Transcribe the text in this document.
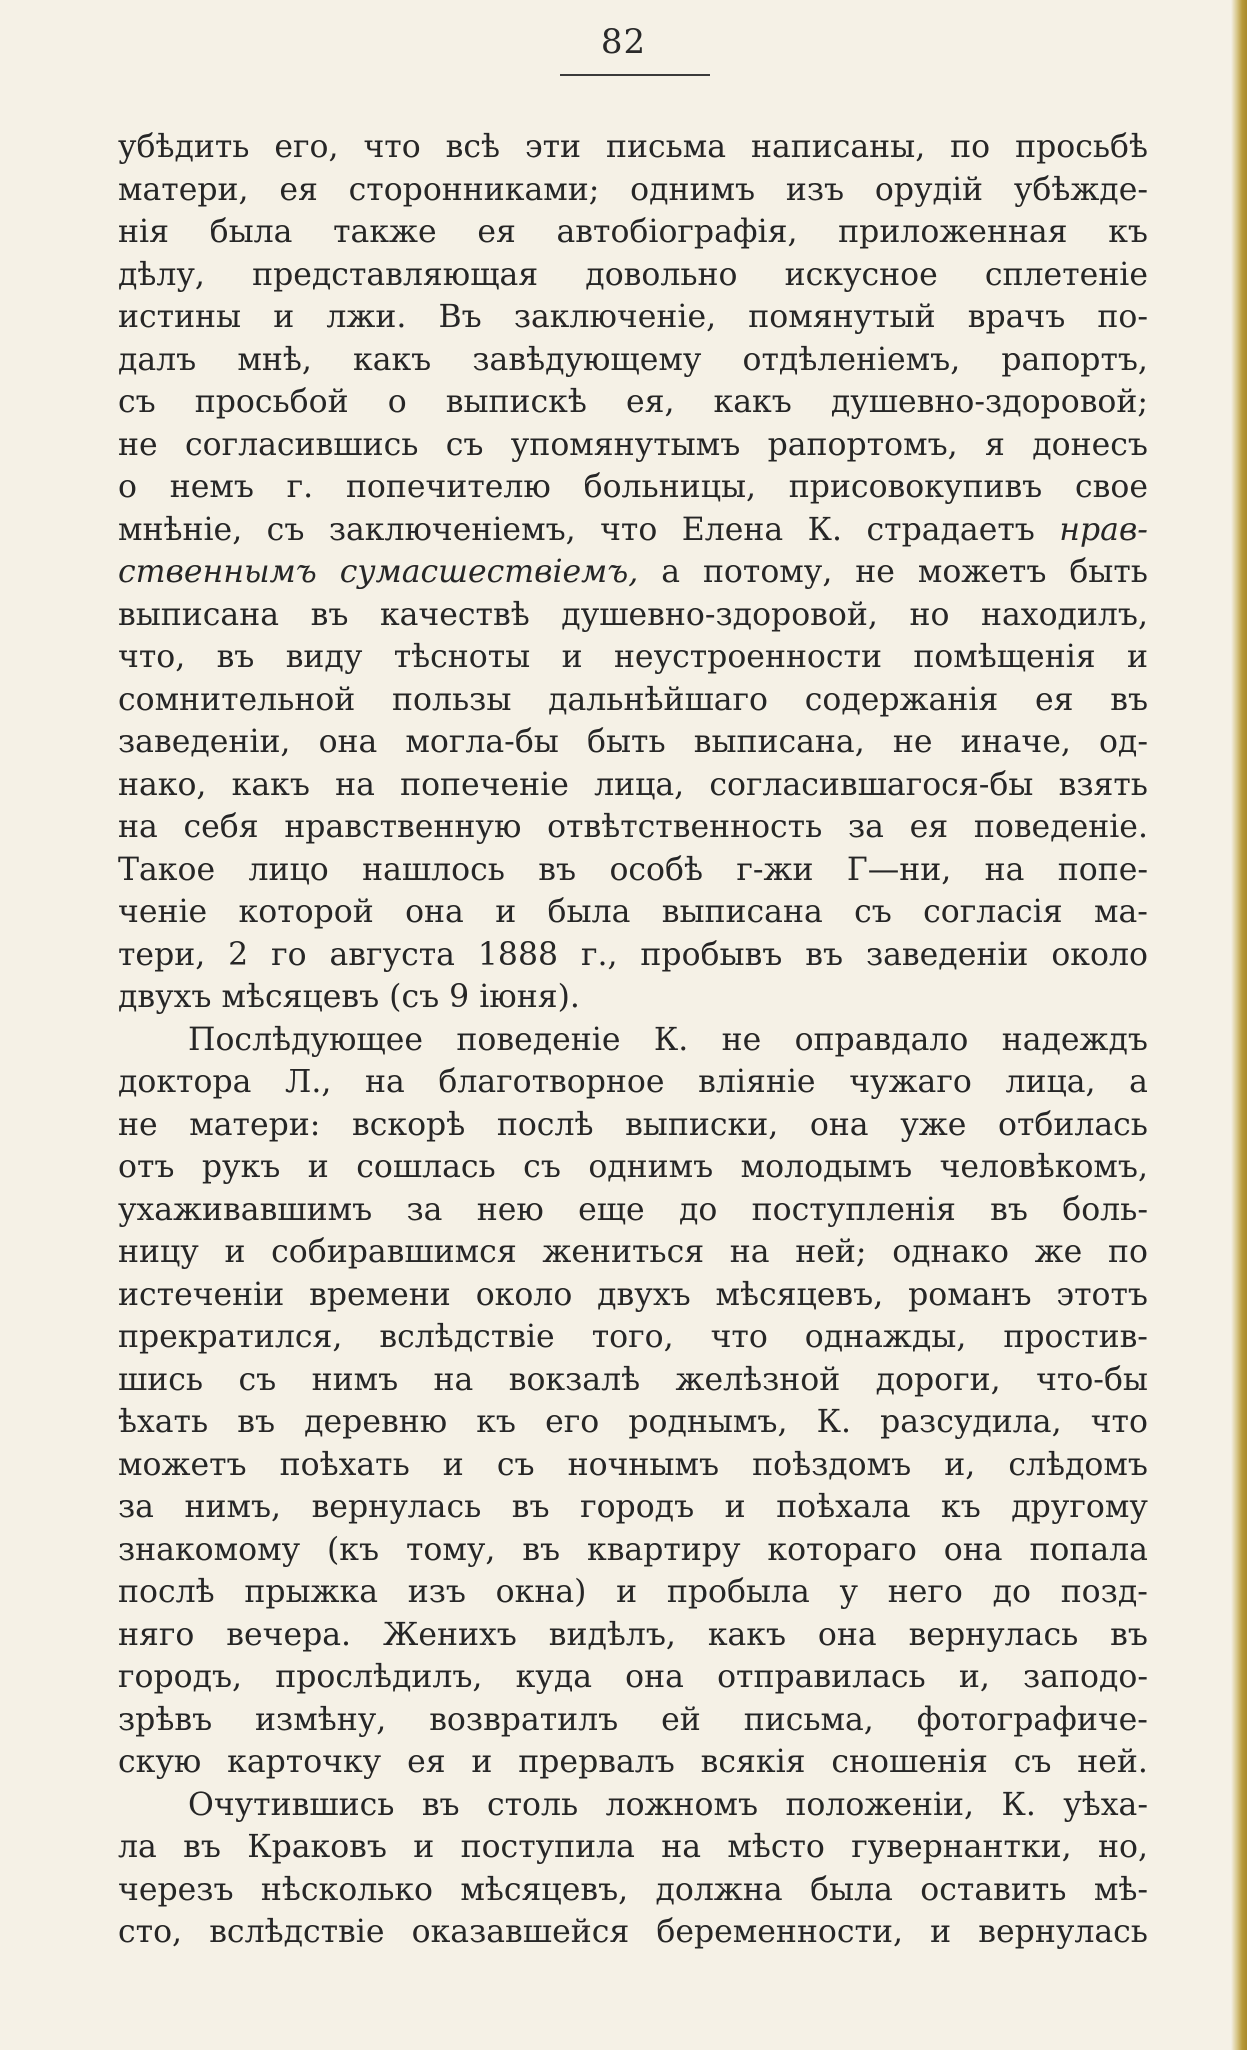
82
убѣдить его, что всѣ эти письма написаны, по просьбѣ
матери, ея сторонниками; однимъ изъ орудій убѣжде-
нія была также ея автобіографія, приложенная къ
дѣлу, представляющая довольно искусное сплетеніе
истины и лжи. Въ заключеніе, помянутый врачъ по-
далъ мнѣ, какъ завѣдующему отдѣленіемъ, рапортъ,
съ просьбой о выпискѣ ея, какъ душевно-здоровой;
не согласившись съ упомянутымъ рапортомъ, я донесъ
о немъ г. попечителю больницы, присовокупивъ свое
мнѣніе, съ заключеніемъ, что Елена К. страдаетъ нрав-
ственнымъ сумасшествіемъ, а потому, не можетъ быть
выписана въ качествѣ душевно-здоровой, но находилъ,
что, въ виду тѣсноты и неустроенности помѣщенія и
сомнительной пользы дальнѣйшаго содержанія ея въ
заведеніи, она могла-бы быть выписана, не иначе, од-
нако, какъ на попеченіе лица, согласившагося-бы взять
на себя нравственную отвѣтственность за ея поведеніе.
Такое лицо нашлось въ особѣ г-жи Г—ни, на попе-
ченіе которой она и была выписана съ согласія ма-
тери, 2 го августа 1888 г., пробывъ въ заведеніи около
двухъ мѣсяцевъ (съ 9 іюня).
Послѣдующее поведеніе К. не оправдало надеждъ
доктора Л., на благотворное вліяніе чужаго лица, а
не матери: вскорѣ послѣ выписки, она уже отбилась
отъ рукъ и сошлась съ однимъ молодымъ человѣкомъ,
ухаживавшимъ за нею еще до поступленія въ боль-
ницу и собиравшимся жениться на ней; однако же по
истеченіи времени около двухъ мѣсяцевъ, романъ этотъ
прекратился, вслѣдствіе того, что однажды, простив-
шись съ нимъ на вокзалѣ желѣзной дороги, что-бы
ѣхать въ деревню къ его роднымъ, К. разсудила, что
можетъ поѣхать и съ ночнымъ поѣздомъ и, слѣдомъ
за нимъ, вернулась въ городъ и поѣхала къ другому
знакомому (къ тому, въ квартиру котораго она попала
послѣ прыжка изъ окна) и пробыла у него до позд-
няго вечера. Женихъ видѣлъ, какъ она вернулась въ
городъ, прослѣдилъ, куда она отправилась и, заподо-
зрѣвъ измѣну, возвратилъ ей письма, фотографиче-
скую карточку ея и прервалъ всякія сношенія съ ней.
Очутившись въ столь ложномъ положеніи, К. уѣха-
ла въ Краковъ и поступила на мѣсто гувернантки, но,
черезъ нѣсколько мѣсяцевъ, должна была оставить мѣ-
сто, вслѣдствіе оказавшейся беременности, и вернулась
